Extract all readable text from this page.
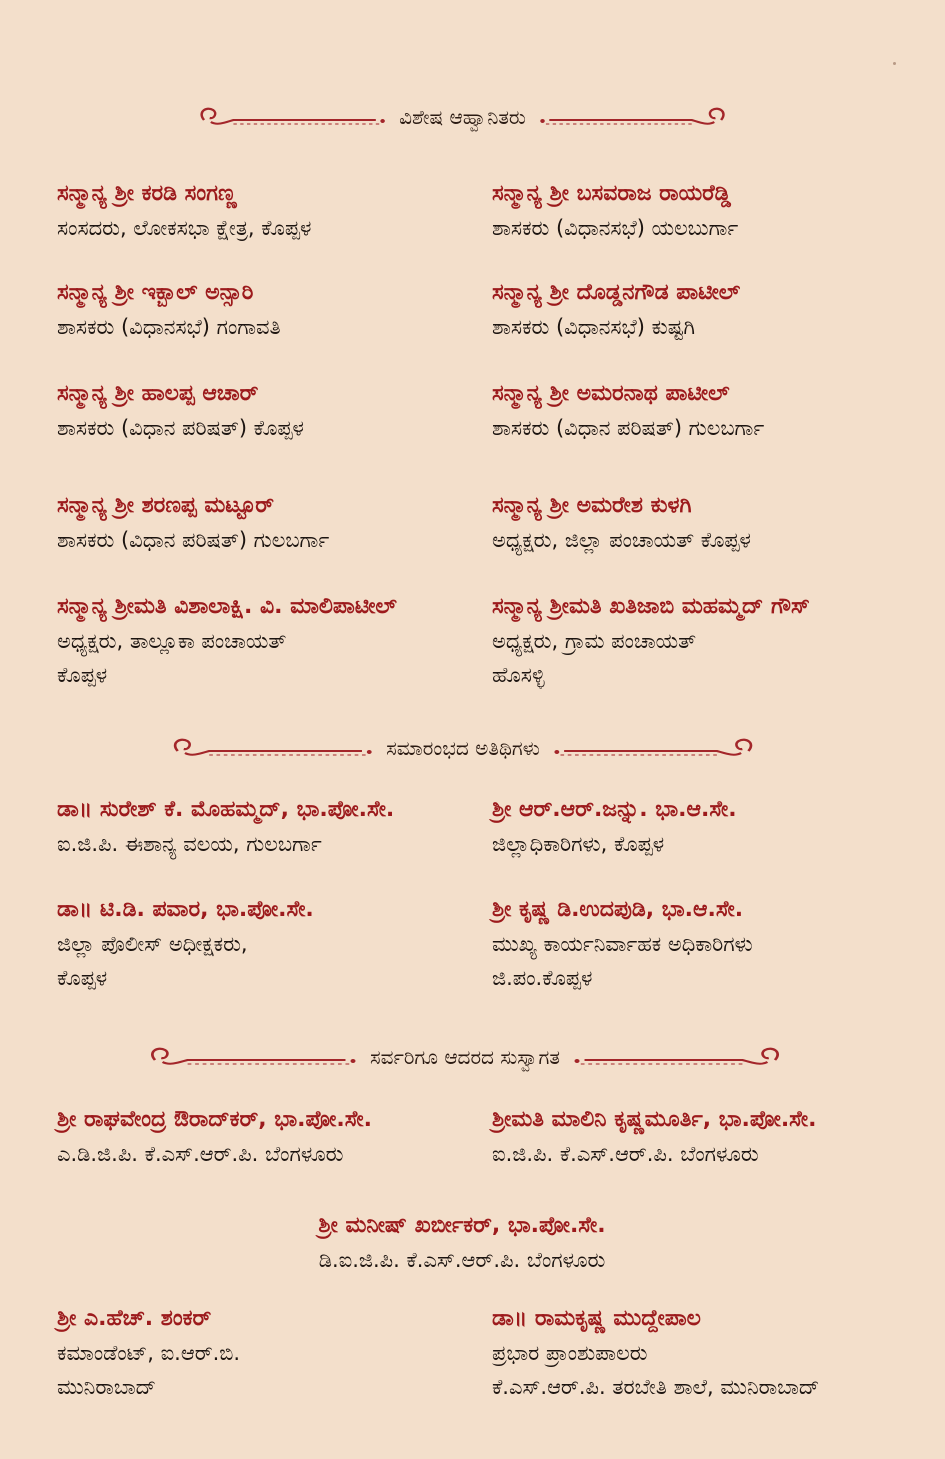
ವಿಶೇಷ ಆಹ್ವಾನಿತರು
ಸನ್ಮಾನ್ಯ ಶ್ರೀ ಕರಡಿ ಸಂಗಣ್ಣ
ಸಂಸದರು, ಲೋಕಸಭಾ ಕ್ಷೇತ್ರ, ಕೊಪ್ಪಳ
ಸನ್ಮಾನ್ಯ ಶ್ರೀ ಬಸವರಾಜ ರಾಯರೆಡ್ಡಿ
ಶಾಸಕರು (ವಿಧಾನಸಭೆ) ಯಲಬುರ್ಗಾ
ಸನ್ಮಾನ್ಯ ಶ್ರೀ ಇಕ್ಬಾಲ್ ಅನ್ಸಾರಿ
ಶಾಸಕರು (ವಿಧಾನಸಭೆ) ಗಂಗಾವತಿ
ಸನ್ಮಾನ್ಯ ಶ್ರೀ ದೊಡ್ಡನಗೌಡ ಪಾಟೀಲ್
ಶಾಸಕರು (ವಿಧಾನಸಭೆ) ಕುಷ್ಟಗಿ
ಸನ್ಮಾನ್ಯ ಶ್ರೀ ಹಾಲಪ್ಪ ಆಚಾರ್
ಶಾಸಕರು (ವಿಧಾನ ಪರಿಷತ್) ಕೊಪ್ಪಳ
ಸನ್ಮಾನ್ಯ ಶ್ರೀ ಅಮರನಾಥ ಪಾಟೀಲ್
ಶಾಸಕರು (ವಿಧಾನ ಪರಿಷತ್) ಗುಲಬರ್ಗಾ
ಸನ್ಮಾನ್ಯ ಶ್ರೀ ಶರಣಪ್ಪ ಮಟ್ಟೂರ್
ಶಾಸಕರು (ವಿಧಾನ ಪರಿಷತ್) ಗುಲಬರ್ಗಾ
ಸನ್ಮಾನ್ಯ ಶ್ರೀ ಅಮರೇಶ ಕುಳಗಿ
ಅಧ್ಯಕ್ಷರು, ಜಿಲ್ಲಾ ಪಂಚಾಯತ್ ಕೊಪ್ಪಳ
ಸನ್ಮಾನ್ಯ ಶ್ರೀಮತಿ ವಿಶಾಲಾಕ್ಷಿ. ವಿ. ಮಾಲಿಪಾಟೀಲ್
ಅಧ್ಯಕ್ಷರು, ತಾಲ್ಲೂಕಾ ಪಂಚಾಯತ್
ಕೊಪ್ಪಳ
ಸನ್ಮಾನ್ಯ ಶ್ರೀಮತಿ ಖತಿಜಾಬಿ ಮಹಮ್ಮದ್ ಗೌಸ್
ಅಧ್ಯಕ್ಷರು, ಗ್ರಾಮ ಪಂಚಾಯತ್
ಹೊಸಳ್ಳಿ
ಸಮಾರಂಭದ ಅತಿಥಿಗಳು
ಡಾ॥ ಸುರೇಶ್ ಕೆ. ಮೊಹಮ್ಮದ್, ಭಾ.ಪೋ.ಸೇ.
ಐ.ಜಿ.ಪಿ. ಈಶಾನ್ಯ ವಲಯ, ಗುಲಬರ್ಗಾ
ಶ್ರೀ ಆರ್.ಆರ್.ಜನ್ನು. ಭಾ.ಆ.ಸೇ.
ಜಿಲ್ಲಾಧಿಕಾರಿಗಳು, ಕೊಪ್ಪಳ
ಡಾ॥ ಟಿ.ಡಿ. ಪವಾರ, ಭಾ.ಪೋ.ಸೇ.
ಜಿಲ್ಲಾ ಪೊಲೀಸ್ ಅಧೀಕ್ಷಕರು,
ಕೊಪ್ಪಳ
ಶ್ರೀ ಕೃಷ್ಣ ಡಿ.ಉದಪುಡಿ, ಭಾ.ಆ.ಸೇ.
ಮುಖ್ಯ ಕಾರ್ಯನಿರ್ವಾಹಕ ಅಧಿಕಾರಿಗಳು
ಜಿ.ಪಂ.ಕೊಪ್ಪಳ
ಸರ್ವರಿಗೂ ಆದರದ ಸುಸ್ವಾಗತ
ಶ್ರೀ ರಾಘವೇಂದ್ರ ಔರಾದ್‌ಕರ್, ಭಾ.ಪೋ.ಸೇ.
ಎ.ಡಿ.ಜಿ.ಪಿ. ಕೆ.ಎಸ್.ಆರ್.ಪಿ. ಬೆಂಗಳೂರು
ಶ್ರೀಮತಿ ಮಾಲಿನಿ ಕೃಷ್ಣಮೂರ್ತಿ, ಭಾ.ಪೋ.ಸೇ.
ಐ.ಜಿ.ಪಿ. ಕೆ.ಎಸ್.ಆರ್.ಪಿ. ಬೆಂಗಳೂರು
ಶ್ರೀ ಮನೀಷ್ ಖರ್ಬೀಕರ್, ಭಾ.ಪೋ.ಸೇ.
ಡಿ.ಐ.ಜಿ.ಪಿ. ಕೆ.ಎಸ್.ಆರ್.ಪಿ. ಬೆಂಗಳೂರು
ಶ್ರೀ ಎ.ಹೆಚ್. ಶಂಕರ್
ಕಮಾಂಡೆಂಟ್, ಐ.ಆರ್.ಬಿ.
ಮುನಿರಾಬಾದ್
ಡಾ॥ ರಾಮಕೃಷ್ಣ ಮುದ್ದೇಪಾಲ
ಪ್ರಭಾರ ಪ್ರಾಂಶುಪಾಲರು
ಕೆ.ಎಸ್.ಆರ್.ಪಿ. ತರಬೇತಿ ಶಾಲೆ, ಮುನಿರಾಬಾದ್
